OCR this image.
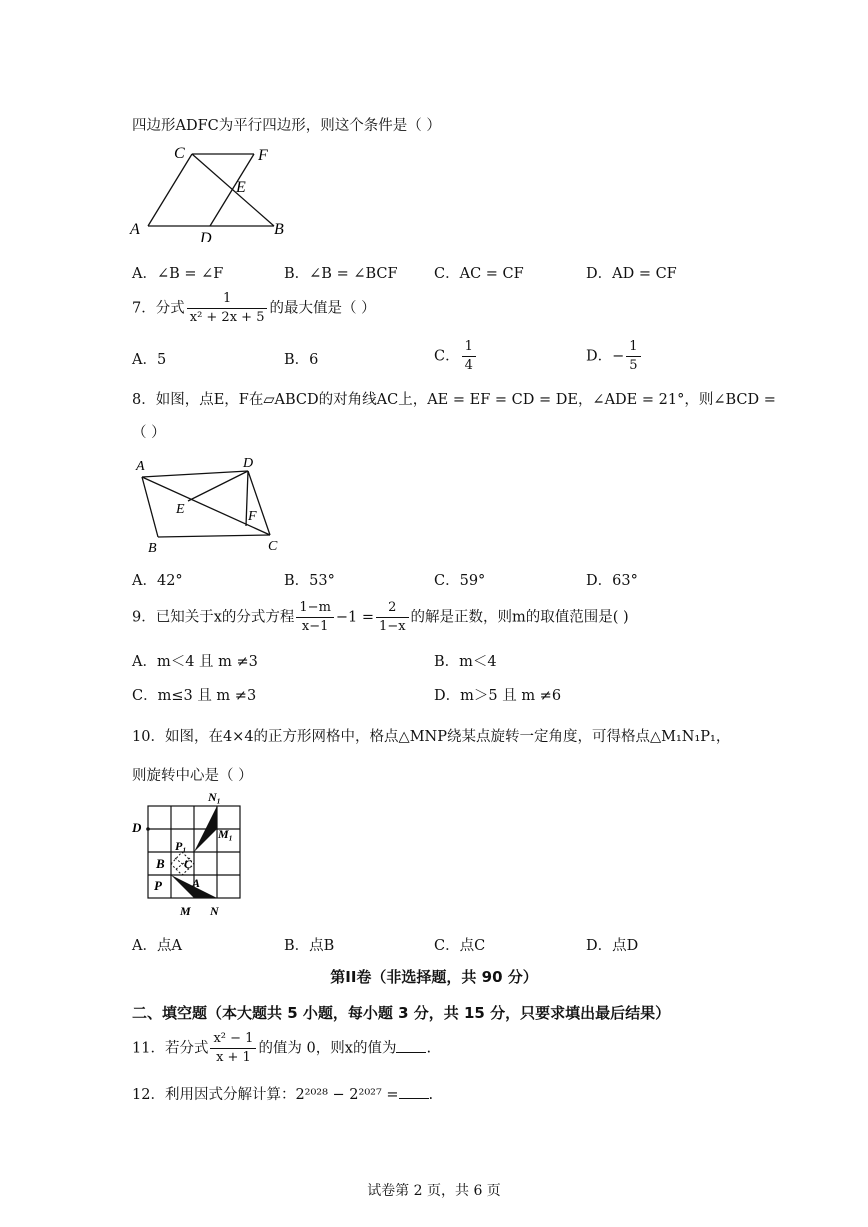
四边形ADFC为平行四边形，则这个条件是（ ）
C	F
E
A
D
B
A．∠B = ∠F	B．∠B = ∠BCF	C．AC = CF	D．AD = CF
7．分式 $\frac{1}{\text{x² + 2x + 5}}$ 的最大值是（ ）
A．5	B．6	C． $\frac{1}{4}$	D．− $\frac{1}{5}$
8．如图，点E，F在▱ABCD的对角线AC上，AE = EF = CD = DE，∠ADE = 21°，则∠BCD =
（ ）
A	D
E	F
B	C
A．42°	B．53°	C．59°	D．63°
9．已知关于x的分式方程 $\frac{1-m}{x-1} -1 = \frac{2}{1-x}$ 的解是正数，则m的取值范围是( )
A．m＜4 且 m ≠3	B．m＜4
C．m≤3 且 m ≠3	D．m＞5 且 m ≠6
10．如图，在4×4的正方形网格中，格点△MNP绕某点旋转一定角度，可得格点△M₁N₁P₁，
则旋转中心是（ ）
N₁
D	M₁
P₁
B C
P	A
M N
A．点A	B．点B	C．点C	D．点D
第II卷（非选择题，共 90 分）
二、填空题（本大题共 5 小题，每小题 3 分，共 15 分，只要求填出最后结果）
11．若分式 $\frac{\text{x² − 1}}{x + 1}$ 的值为 0，则x的值为 .
12．利用因式分解计算：2²⁰²⁸ − 2²⁰²⁷ = .
试卷第 2 页，共 6 页
